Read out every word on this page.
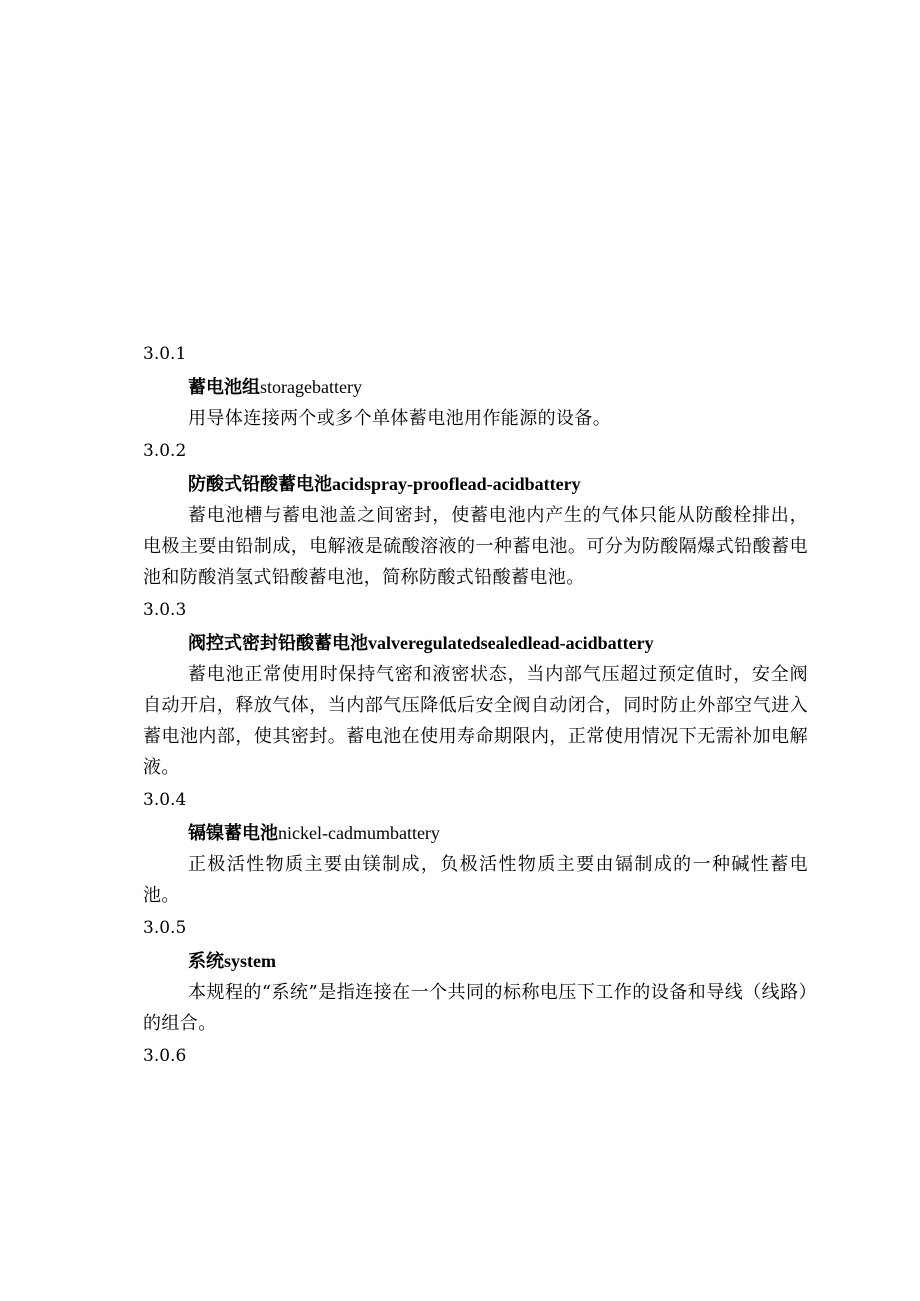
3.0.1

蓄电池组storagebattery

用导体连接两个或多个单体蓄电池用作能源的设备。

3.0.2

防酸式铅酸蓄电池acidspray-prooflead-acidbattery

蓄电池槽与蓄电池盖之间密封，使蓄电池内产生的气体只能从防酸栓排出，电极主要由铅制成，电解液是硫酸溶液的一种蓄电池。可分为防酸隔爆式铅酸蓄电池和防酸消氢式铅酸蓄电池，简称防酸式铅酸蓄电池。

3.0.3

阀控式密封铅酸蓄电池valveregulatedsealedlead-acidbattery

蓄电池正常使用时保持气密和液密状态，当内部气压超过预定值时，安全阀自动开启，释放气体，当内部气压降低后安全阀自动闭合，同时防止外部空气进入蓄电池内部，使其密封。蓄电池在使用寿命期限内，正常使用情况下无需补加电解液。

3.0.4

镉镍蓄电池nickel-cadmumbattery

正极活性物质主要由镁制成，负极活性物质主要由镉制成的一种碱性蓄电池。

3.0.5

系统system

本规程的“系统”是指连接在一个共同的标称电压下工作的设备和导线（线路）的组合。

3.0.6
